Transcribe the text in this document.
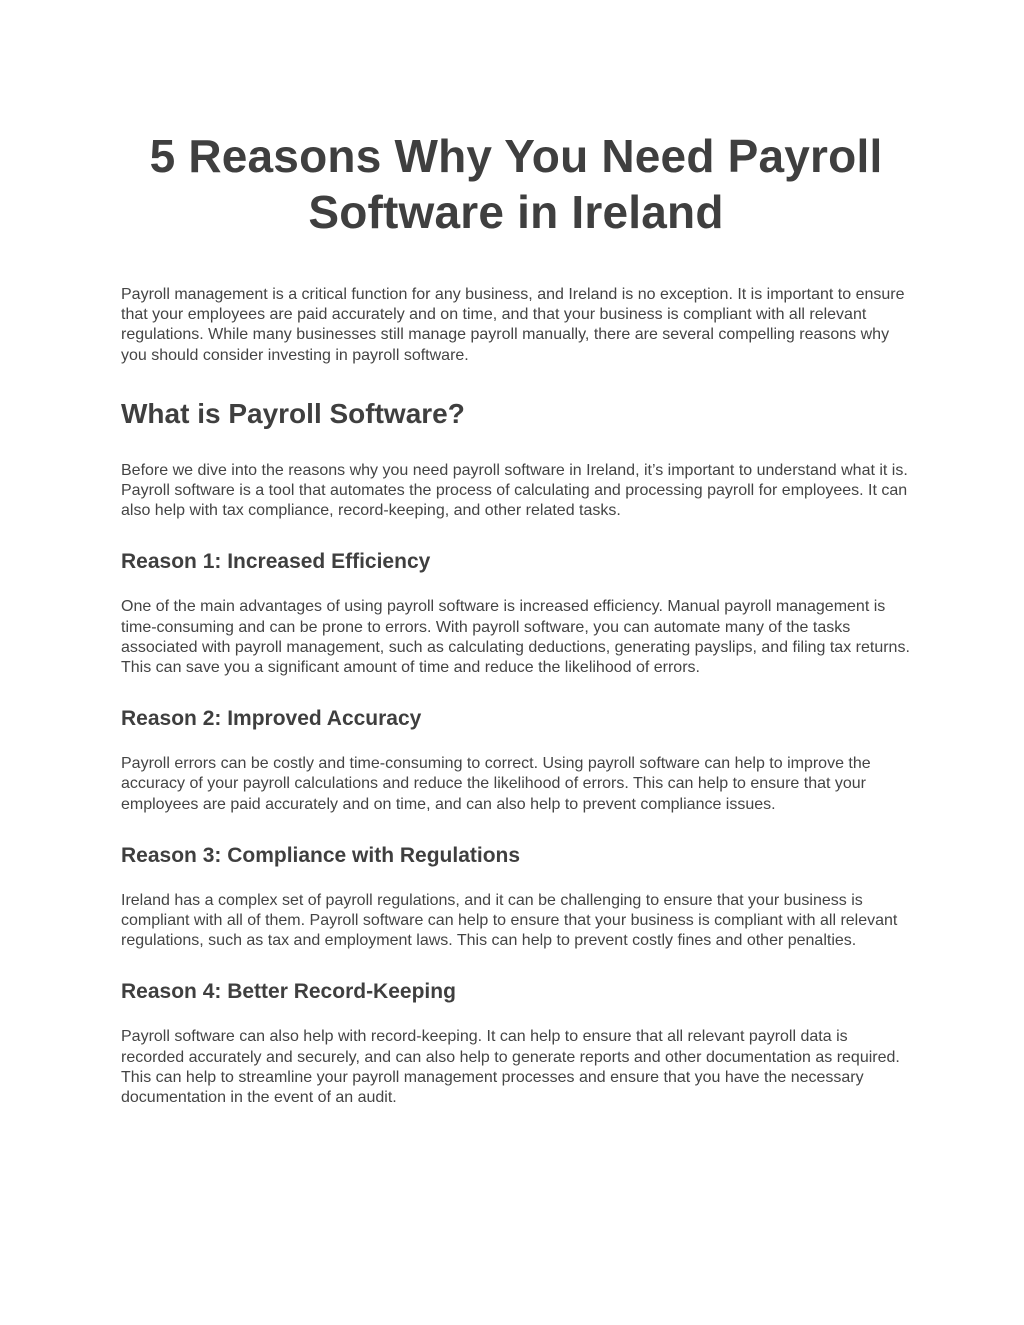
5 Reasons Why You Need Payroll Software in Ireland

Payroll management is a critical function for any business, and Ireland is no exception. It is important to ensure that your employees are paid accurately and on time, and that your business is compliant with all relevant regulations. While many businesses still manage payroll manually, there are several compelling reasons why you should consider investing in payroll software.

What is Payroll Software?

Before we dive into the reasons why you need payroll software in Ireland, it’s important to understand what it is. Payroll software is a tool that automates the process of calculating and processing payroll for employees. It can also help with tax compliance, record-keeping, and other related tasks.

Reason 1: Increased Efficiency

One of the main advantages of using payroll software is increased efficiency. Manual payroll management is time-consuming and can be prone to errors. With payroll software, you can automate many of the tasks associated with payroll management, such as calculating deductions, generating payslips, and filing tax returns. This can save you a significant amount of time and reduce the likelihood of errors.

Reason 2: Improved Accuracy

Payroll errors can be costly and time-consuming to correct. Using payroll software can help to improve the accuracy of your payroll calculations and reduce the likelihood of errors. This can help to ensure that your employees are paid accurately and on time, and can also help to prevent compliance issues.

Reason 3: Compliance with Regulations

Ireland has a complex set of payroll regulations, and it can be challenging to ensure that your business is compliant with all of them. Payroll software can help to ensure that your business is compliant with all relevant regulations, such as tax and employment laws. This can help to prevent costly fines and other penalties.

Reason 4: Better Record-Keeping

Payroll software can also help with record-keeping. It can help to ensure that all relevant payroll data is recorded accurately and securely, and can also help to generate reports and other documentation as required. This can help to streamline your payroll management processes and ensure that you have the necessary documentation in the event of an audit.
